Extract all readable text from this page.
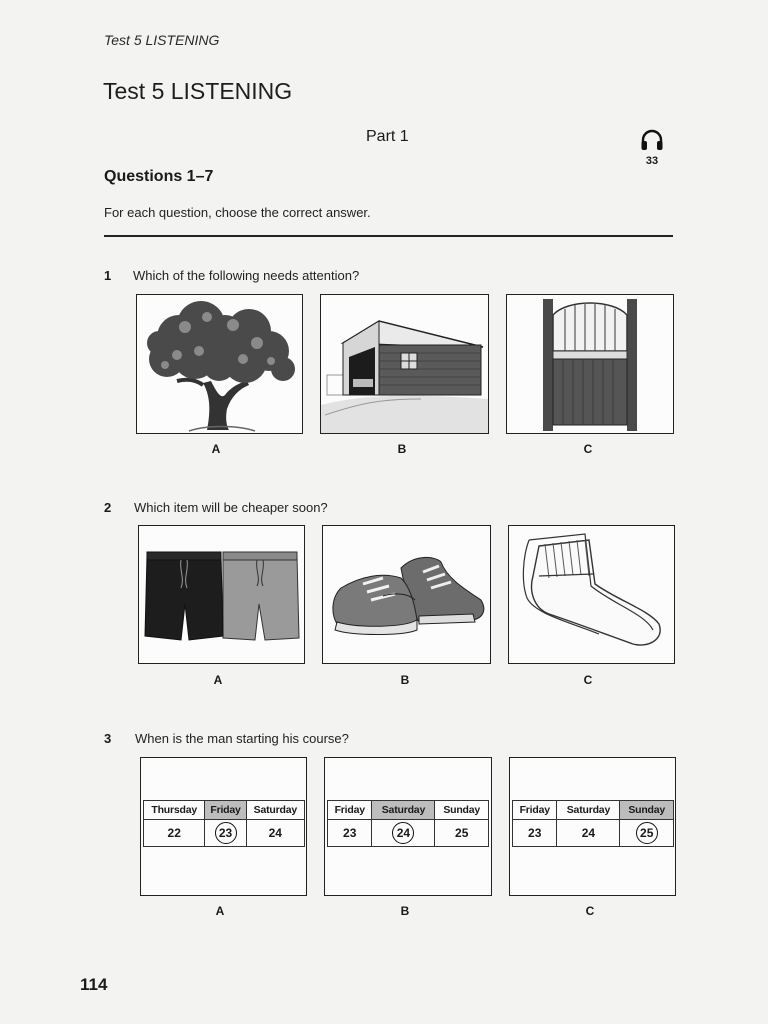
Test 5 LISTENING
Test 5 LISTENING
Part 1
33
Questions 1–7
For each question, choose the correct answer.
1 Which of the following needs attention?
A	B	C
2 Which item will be cheaper soon?
A	B	C
3 When is the man starting his course?
Thursday	Friday	Saturday
22	23	24
A
Friday	Saturday	Sunday
23	24	25
B
Friday	Saturday	Sunday
23	24	25
C
114
